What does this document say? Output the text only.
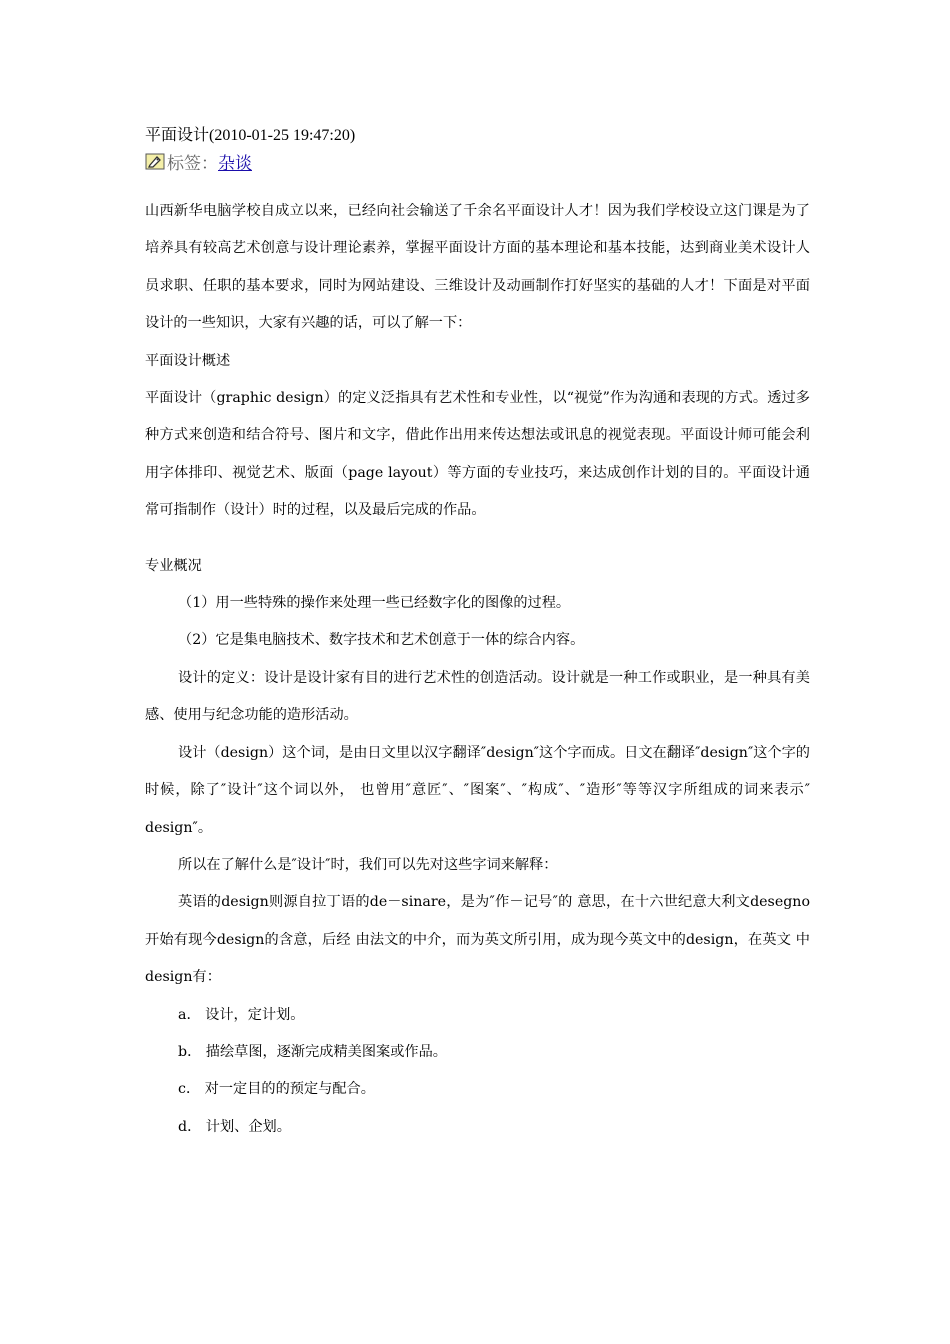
平面设计(2010-01-25 19:47:20)
标签： 杂谈

山西新华电脑学校自成立以来，已经向社会输送了千余名平面设计人才！因为我们学校设立这门课是为了培养具有较高艺术创意与设计理论素养，掌握平面设计方面的基本理论和基本技能，达到商业美术设计人员求职、任职的基本要求，同时为网站建设、三维设计及动画制作打好坚实的基础的人才！下面是对平面设计的一些知识，大家有兴趣的话，可以了解一下：

平面设计概述

平面设计（graphic design）的定义泛指具有艺术性和专业性，以“视觉”作为沟通和表现的方式。透过多种方式来创造和结合符号、图片和文字，借此作出用来传达想法或讯息的视觉表现。平面设计师可能会利用字体排印、视觉艺术、版面（page layout）等方面的专业技巧，来达成创作计划的目的。平面设计通常可指制作（设计）时的过程，以及最后完成的作品。

专业概况

（1）用一些特殊的操作来处理一些已经数字化的图像的过程。

（2）它是集电脑技术、数字技术和艺术创意于一体的综合内容。

设计的定义：设计是设计家有目的进行艺术性的创造活动。设计就是一种工作或职业，是一种具有美感、使用与纪念功能的造形活动。

设计（design）这个词，是由日文里以汉字翻译″design″这个字而成。日文在翻译″design″这个字的时候，除了″设计″这个词以外， 也曾用″意匠″、″图案″、″构成″、″造形″等等汉字所组成的词来表示″ design″。

所以在了解什么是″设计″时，我们可以先对这些字词来解释：

英语的design则源自拉丁语的de－sinare，是为″作－记号″的 意思，在十六世纪意大利文desegno 开始有现今design的含意，后经 由法文的中介，而为英文所引用，成为现今英文中的design，在英文 中design有：

a． 设计，定计划。

b． 描绘草图，逐渐完成精美图案或作品。

c． 对一定目的的预定与配合。

d． 计划、企划。
